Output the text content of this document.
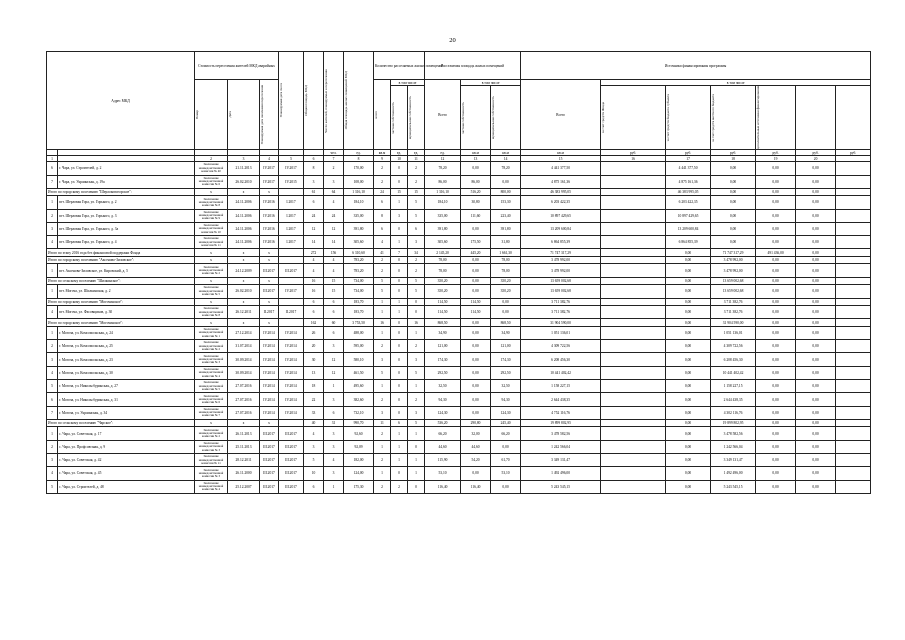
20
Адрес МКД		Стоимость переселения жителей МКД аварийных			Планируемая дата сноса	Общая площадь МКД	Число жителей, планируемых к переселению	Общая площадь жилых помещений МКД	Количество расселяемых жилых помещений			Расселяемая площадь жилых помещений			Источники финансирования программы						

		Номер	Дата	Планируемая дата окончания переселения					всего	в том числе		Всего	в том числе		Всего	в том числе					

										частная собственность	муниципальная собственность		частная собственность	муниципальная собственность		за счет средств Фонда	за счет средств бюджета субъекта	за счет средств местного бюджета	дополнительные источники финансирования		

							чел.	ед.	кв.м	ед.	ед.	ед.	кв.м	кв.м	кв.м	руб.	руб.	руб.	руб.	руб.	руб.
1		2	3	4	5	6	7	8	9	10	11	12	13	14	15	16	17	18	19	20	
6	г. Чара, ул. Строителей, д. 2	Заключение межведомственной комиссии № 40	21.11.2013	IV.2017	IV.2017	8	2	170,00	2	0	2	78,20	0,00	78,20	4 441 377,50		4 441 377,50	0,00	0,00	0,00	
7	г. Чара, ул. Украинская, д. 19а	Заключение межведомственной комиссии № 6	26.02.2010	IV.2017	IV.2015	3	3	108,00	2	0	2	86,00	86,00	0,00	4 875 161,36		4 875 161,36	0,00	0,00	0,00	
Итого по городскому поселению "Шерлоковогорское":		x	x	x		61	64	1 316,10	24	15	15	1 316,10	516,20	800,00	46 383 995,05		46 383 995,05	0,00	0,00	0,00	
1	пгт. Шерловая Гора, ул. Горького, д. 2	Заключение межведомственной комиссии № 8	24.11.2006	IV.2016	I.2017	6	4	184,10	6	1	5	184,10	30,80	153,30	6 203 422,35		6 203 422,35	0,00	0,00	0,00	
2	пгт. Шерловая Гора, ул. Горького, д. 3	Заключение межведомственной комиссии № 9	24.11.2006	IV.2016	I.2017	24	24	335,00	8	3	5	335,00	111,60	223,40	10 897 429,65		10 897 429,65	0,00	0,00	0,00	
3	пгт. Шерловая Гора, ул. Горького, д. 3а	Заключение межведомственной комиссии № 10	24.11.2006	IV.2016	I.2017	12	12	391,80	6	0	6	391,80	0,00	391,80	13 209 600,84		13 209 600,84	0,00	0,00	0,00	
4	пгт. Шерловая Гора, ул. Горького, д. 4	Заключение межведомственной комиссии № 11	24.11.2006	IV.2016	I.2017	14	14	305,60	4	1	3	305,60	175,50	31,80	6 864 855,39		6 864 855,39	0,00	0,00	0,00	
Итого по этапу 2016 года без финансовой поддержки Фонда		x	x	x		272	156	6 310,60	41	7	34	2 145,20	445,20	1 661,30	71 747 317,29		0,00	71 747 317,29	491 436,00	0,00	
Итого по городскому поселению "Аксеново-Зиловское":		x	x	x		4	4	783,20	2	0	2	78,00	0,00	78,00	3 478 992,00		0,00	3 478 992,00	0,00	0,00	
1	пгт. Аксеново-Зиловское, ул. Кировский, д. 5	Заключение межведомственной комиссии № 2	24.12.2009	III.2017	III.2017	4	4	783,20	2	0	2	78,00	0,00	78,00	3 478 992,00		0,00	3 478 992,00	0,00	0,00	
Итого по сельскому поселению "Шилкинское":		x	x	x		16	15	734,00	5	0	5	350,20	0,00	350,20	13 659 002,68		0,00	13 659 002,68	0,00	0,00	
1	пгт. Могоча, ул. Шилкинская, д. 2	Заключение межведомственной комиссии № 5	26.02.2010	III.2017	IV.2017	16	15	734,00	5	0	5	350,20	0,00	350,20	13 659 002,68		0,00	13 659 002,68	0,00	0,00	
Итого по городскому поселению "Могочинское":		x	x	x		6	6	183,70	1	1	0	114,50	114,50	0,00	3 711 382,76		0,00	3 711 382,76	0,00	0,00	
4	пгт. Могоча, ул. Фасовщиков, д. 30	Заключение межведомственной комиссии № 8	26.12.2011	II.2017	II.2017	6	6	183,70	1	1	0	114,50	114,50	0,00	3 711 382,76		0,00	3 711 382,76	0,00	0,00	
Итого по городскому поселению "Могочинское":		x	x	x		162	60	3 753,50	16	0	16	868,50	0,00	868,50	31 904 590,00		0,00	31 904 590,00	0,00	0,00	
1	г. Могоча, ул. Комсомольская, д. 24	Заключение межведомственной комиссии № 1	27.12.2014	IV.2014	IV.2014	26	6	488,00	1	0	1	34,90	0,00	34,90	1 051 136,01		0,00	1 051 136,01	0,00	0,00	
2	г. Могоча, ул. Комсомольская, д. 25	Заключение межведомственной комиссии № 2	31.07.2014	IV.2014	IV.2014	20	3	595,00	2	0	2	121,00	0,00	121,00	4 309 722,56		0,00	4 309 722,56	0,00	0,00	
3	г. Могоча, ул. Комсомольская, д. 23	Заключение межведомственной комиссии № 3	30.09.2014	IV.2014	IV.2014	30	12	580,10	3	0	3	174,30	0,00	174,30	6 208 456,30		0,00	6 208 456,30	0,00	0,00	
4	г. Могоча, ул. Комсомольская, д. 30	Заключение межведомственной комиссии № 4	30.09.2014	IV.2014	IV.2014	13	12	461,50	5	0	5	292,50	0,00	292,50	10 441 402,42		0,00	10 441 402,42	0,00	0,00	
5	г. Могоча, ул. Никольсбуринская, д. 27	Заключение межведомственной комиссии № 5	27.07.2016	IV.2014	IV.2014	18	1	495,60	1	0	1	32,50	0,00	32,50	1 158 227,15		0,00	1 158 227,15	0,00	0,00	
6	г. Могоча, ул. Никольсбуринская, д. 31	Заключение межведомственной комиссии № 6	27.07.2016	IV.2014	IV.2014	22	3	382,60	2	0	2	94,30	0,00	94,30	2 644 438,35		0,00	2 644 438,35	0,00	0,00	
7	г. Могоча, ул. Украинская, д. 34	Заключение межведомственной комиссии № 7	27.07.2016	IV.2014	IV.2014	33	6	732,10	3	0	3	124,30	0,00	124,30	4 752 116,76		0,00	4 302 116,76	0,00	0,00	
Итого по сельскому поселению "Чарское":		x	x	x		40	31	990,70	11	6	5	536,20	290,80	245,40	19 899 802,95		0,00	19 899 802,95	0,00	0,00	
1	с. Чара, ул. Советская, д. 17	Заключение межведомственной комиссии № 2	26.11.2013	III.2017	III.2017	4	3	92,60	2	1	1	66,20	32,00	66,20	3 478 582,56		0,00	3 478 582,56	0,00	0,00	
2	с. Чара, ул. Профсоюзная, д. 9	Заключение межведомственной комиссии № 3	25.11.2013	III.2017	III.2017	3	3	92,09	1	1	0	44,60	44,60	0,00	1 242 566,04		0,00	1 242 566,04	0,00	0,00	
3	с. Чара, ул. Советская, д. 42	Заключение межведомственной комиссии № 11	28.12.2011	III.2017	III.2017	5	4	182,00	2	1	1	115,90	54,20	61,70	3 349 131,47		0,00	3 349 131,47	0,00	0,00	
4	с. Чара, ул. Советская, д. 45	Заключение межведомственной комиссии № 3	26.11.2000	III.2017	III.2017	10	3	124,00	1	0	1	53,10	0,00	53,10	1 492 496,00		0,00	1 492 496,00	0,00	0,00	
5	с. Чара, ул. Строителей, д. 48	Заключение межведомственной комиссии № 4	25.12.2007	III.2017	III.2017	6	1	175,30	2	2	0	116,40	116,40	0,00	5 243 545,15		0,00	5 243 545,15	0,00	0,00	
